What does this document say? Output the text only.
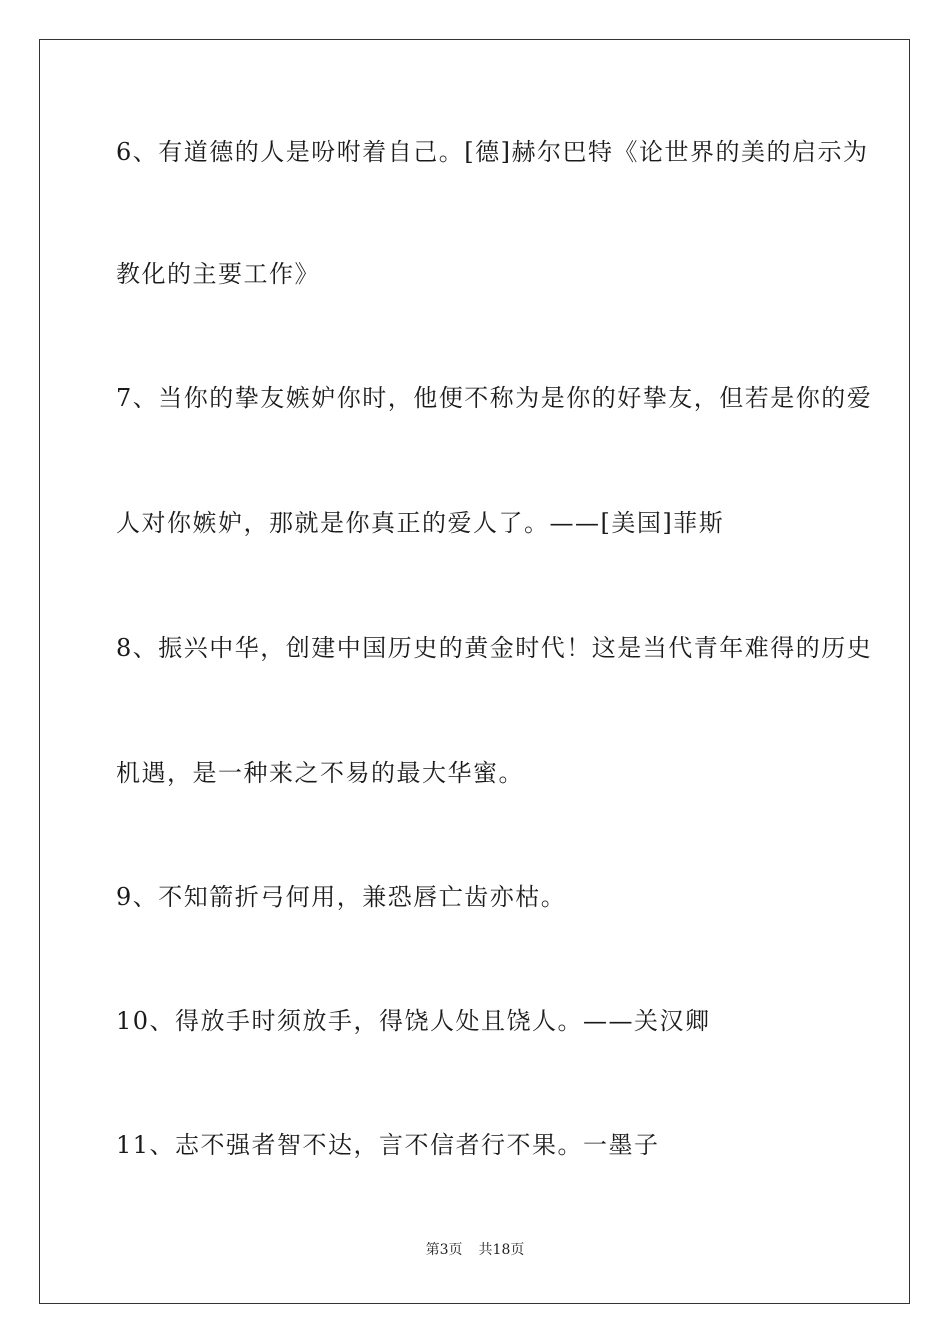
6、有道德的人是吩咐着自己。[德]赫尔巴特《论世界的美的启示为
教化的主要工作》
7、当你的挚友嫉妒你时，他便不称为是你的好挚友，但若是你的爱
人对你嫉妒，那就是你真正的爱人了。——[美国]菲斯
8、振兴中华，创建中国历史的黄金时代！这是当代青年难得的历史
机遇，是一种来之不易的最大华蜜。
9、不知箭折弓何用，兼恐唇亡齿亦枯。
10、得放手时须放手，得饶人处且饶人。——关汉卿
11、志不强者智不达，言不信者行不果。一墨子
第3页 共18页
